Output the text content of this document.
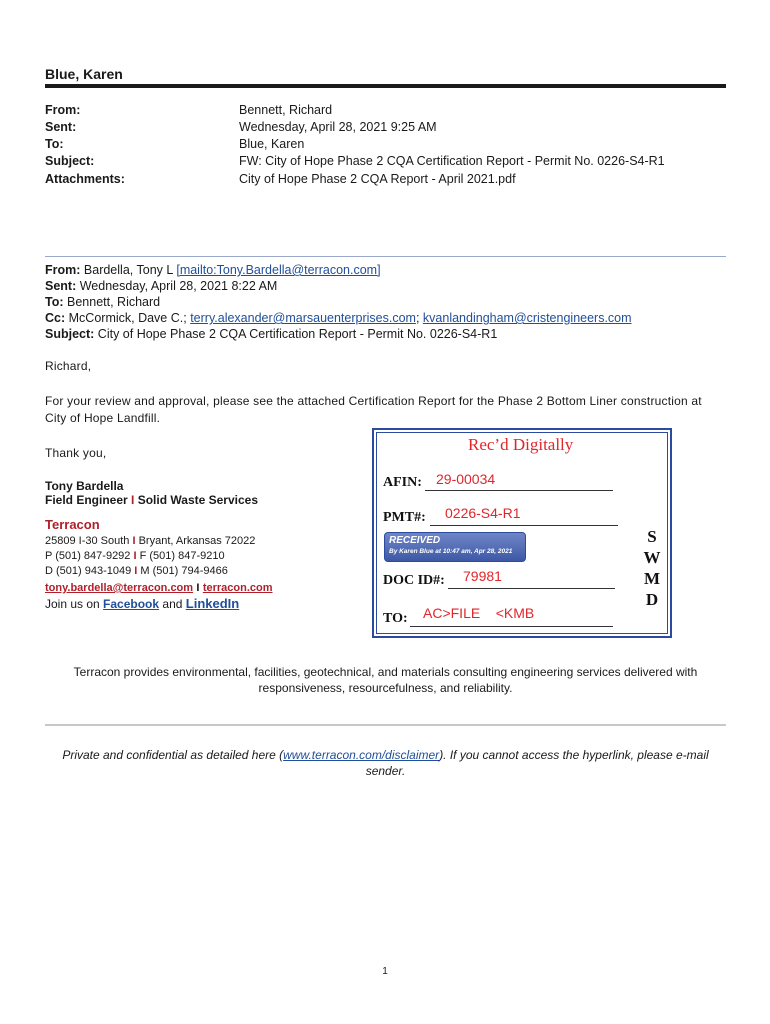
Blue, Karen
From:
Sent:
To:
Subject:
Attachments:
Bennett, Richard
Wednesday, April 28, 2021 9:25 AM
Blue, Karen
FW: City of Hope Phase 2 CQA Certification Report - Permit No. 0226-S4-R1
City of Hope Phase 2 CQA Report - April 2021.pdf
From: Bardella, Tony L [mailto:Tony.Bardella@terracon.com]
Sent: Wednesday, April 28, 2021 8:22 AM
To: Bennett, Richard
Cc: McCormick, Dave C.; terry.alexander@marsauenterprises.com; kvanlandingham@cristengineers.com
Subject: City of Hope Phase 2 CQA Certification Report - Permit No. 0226-S4-R1
Richard,
For your review and approval, please see the attached Certification Report for the Phase 2 Bottom Liner construction at
City of Hope Landfill.
Thank you,
Tony Bardella
Field Engineer I Solid Waste Services
Terracon
25809 I-30 South I Bryant, Arkansas 72022
P (501) 847-9292 I F (501) 847-9210
D (501) 943-1049 I M (501) 794-9466
tony.bardella@terracon.com I terracon.com
Join us on Facebook and LinkedIn
Rec’d Digitally
AFIN: 29-00034
PMT#: 0226-S4-R1
RECEIVED
By Karen Blue at 10:47 am, Apr 28, 2021
DOC ID#: 79981
TO: AC>FILE    <KMB
S
W
M
D
Terracon provides environmental, facilities, geotechnical, and materials consulting engineering services delivered with
responsiveness, resourcefulness, and reliability.
Private and confidential as detailed here (www.terracon.com/disclaimer). If you cannot access the hyperlink, please e-mail
sender.
1
